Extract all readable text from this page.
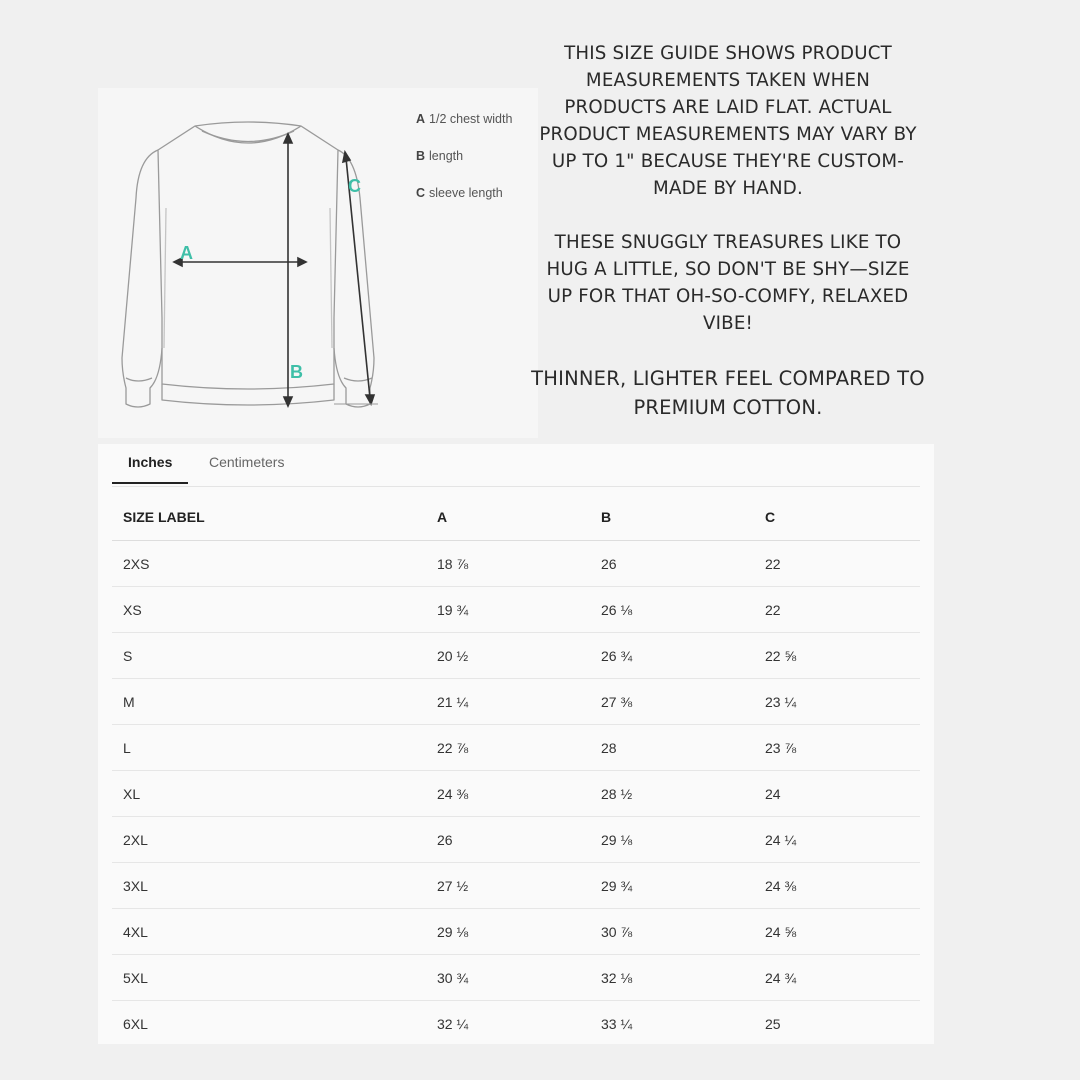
A
B
C
A 1/2 chest width
B length
C sleeve length

THIS SIZE GUIDE SHOWS PRODUCT MEASUREMENTS TAKEN WHEN PRODUCTS ARE LAID FLAT. ACTUAL PRODUCT MEASUREMENTS MAY VARY BY UP TO 1" BECAUSE THEY'RE CUSTOM-MADE BY HAND.

THESE SNUGGLY TREASURES LIKE TO HUG A LITTLE, SO DON'T BE SHY—SIZE UP FOR THAT OH-SO-COMFY, RELAXED VIBE!

THINNER, LIGHTER FEEL COMPARED TO PREMIUM COTTON.

Inches	Centimeters
SIZE LABEL	A	B	C
2XS	18 ⅞	26	22
XS	19 ¾	26 ⅛	22
S	20 ½	26 ¾	22 ⅝
M	21 ¼	27 ⅜	23 ¼
L	22 ⅞	28	23 ⅞
XL	24 ⅜	28 ½	24
2XL	26	29 ⅛	24 ¼
3XL	27 ½	29 ¾	24 ⅜
4XL	29 ⅛	30 ⅞	24 ⅝
5XL	30 ¾	32 ⅛	24 ¾
6XL	32 ¼	33 ¼	25
